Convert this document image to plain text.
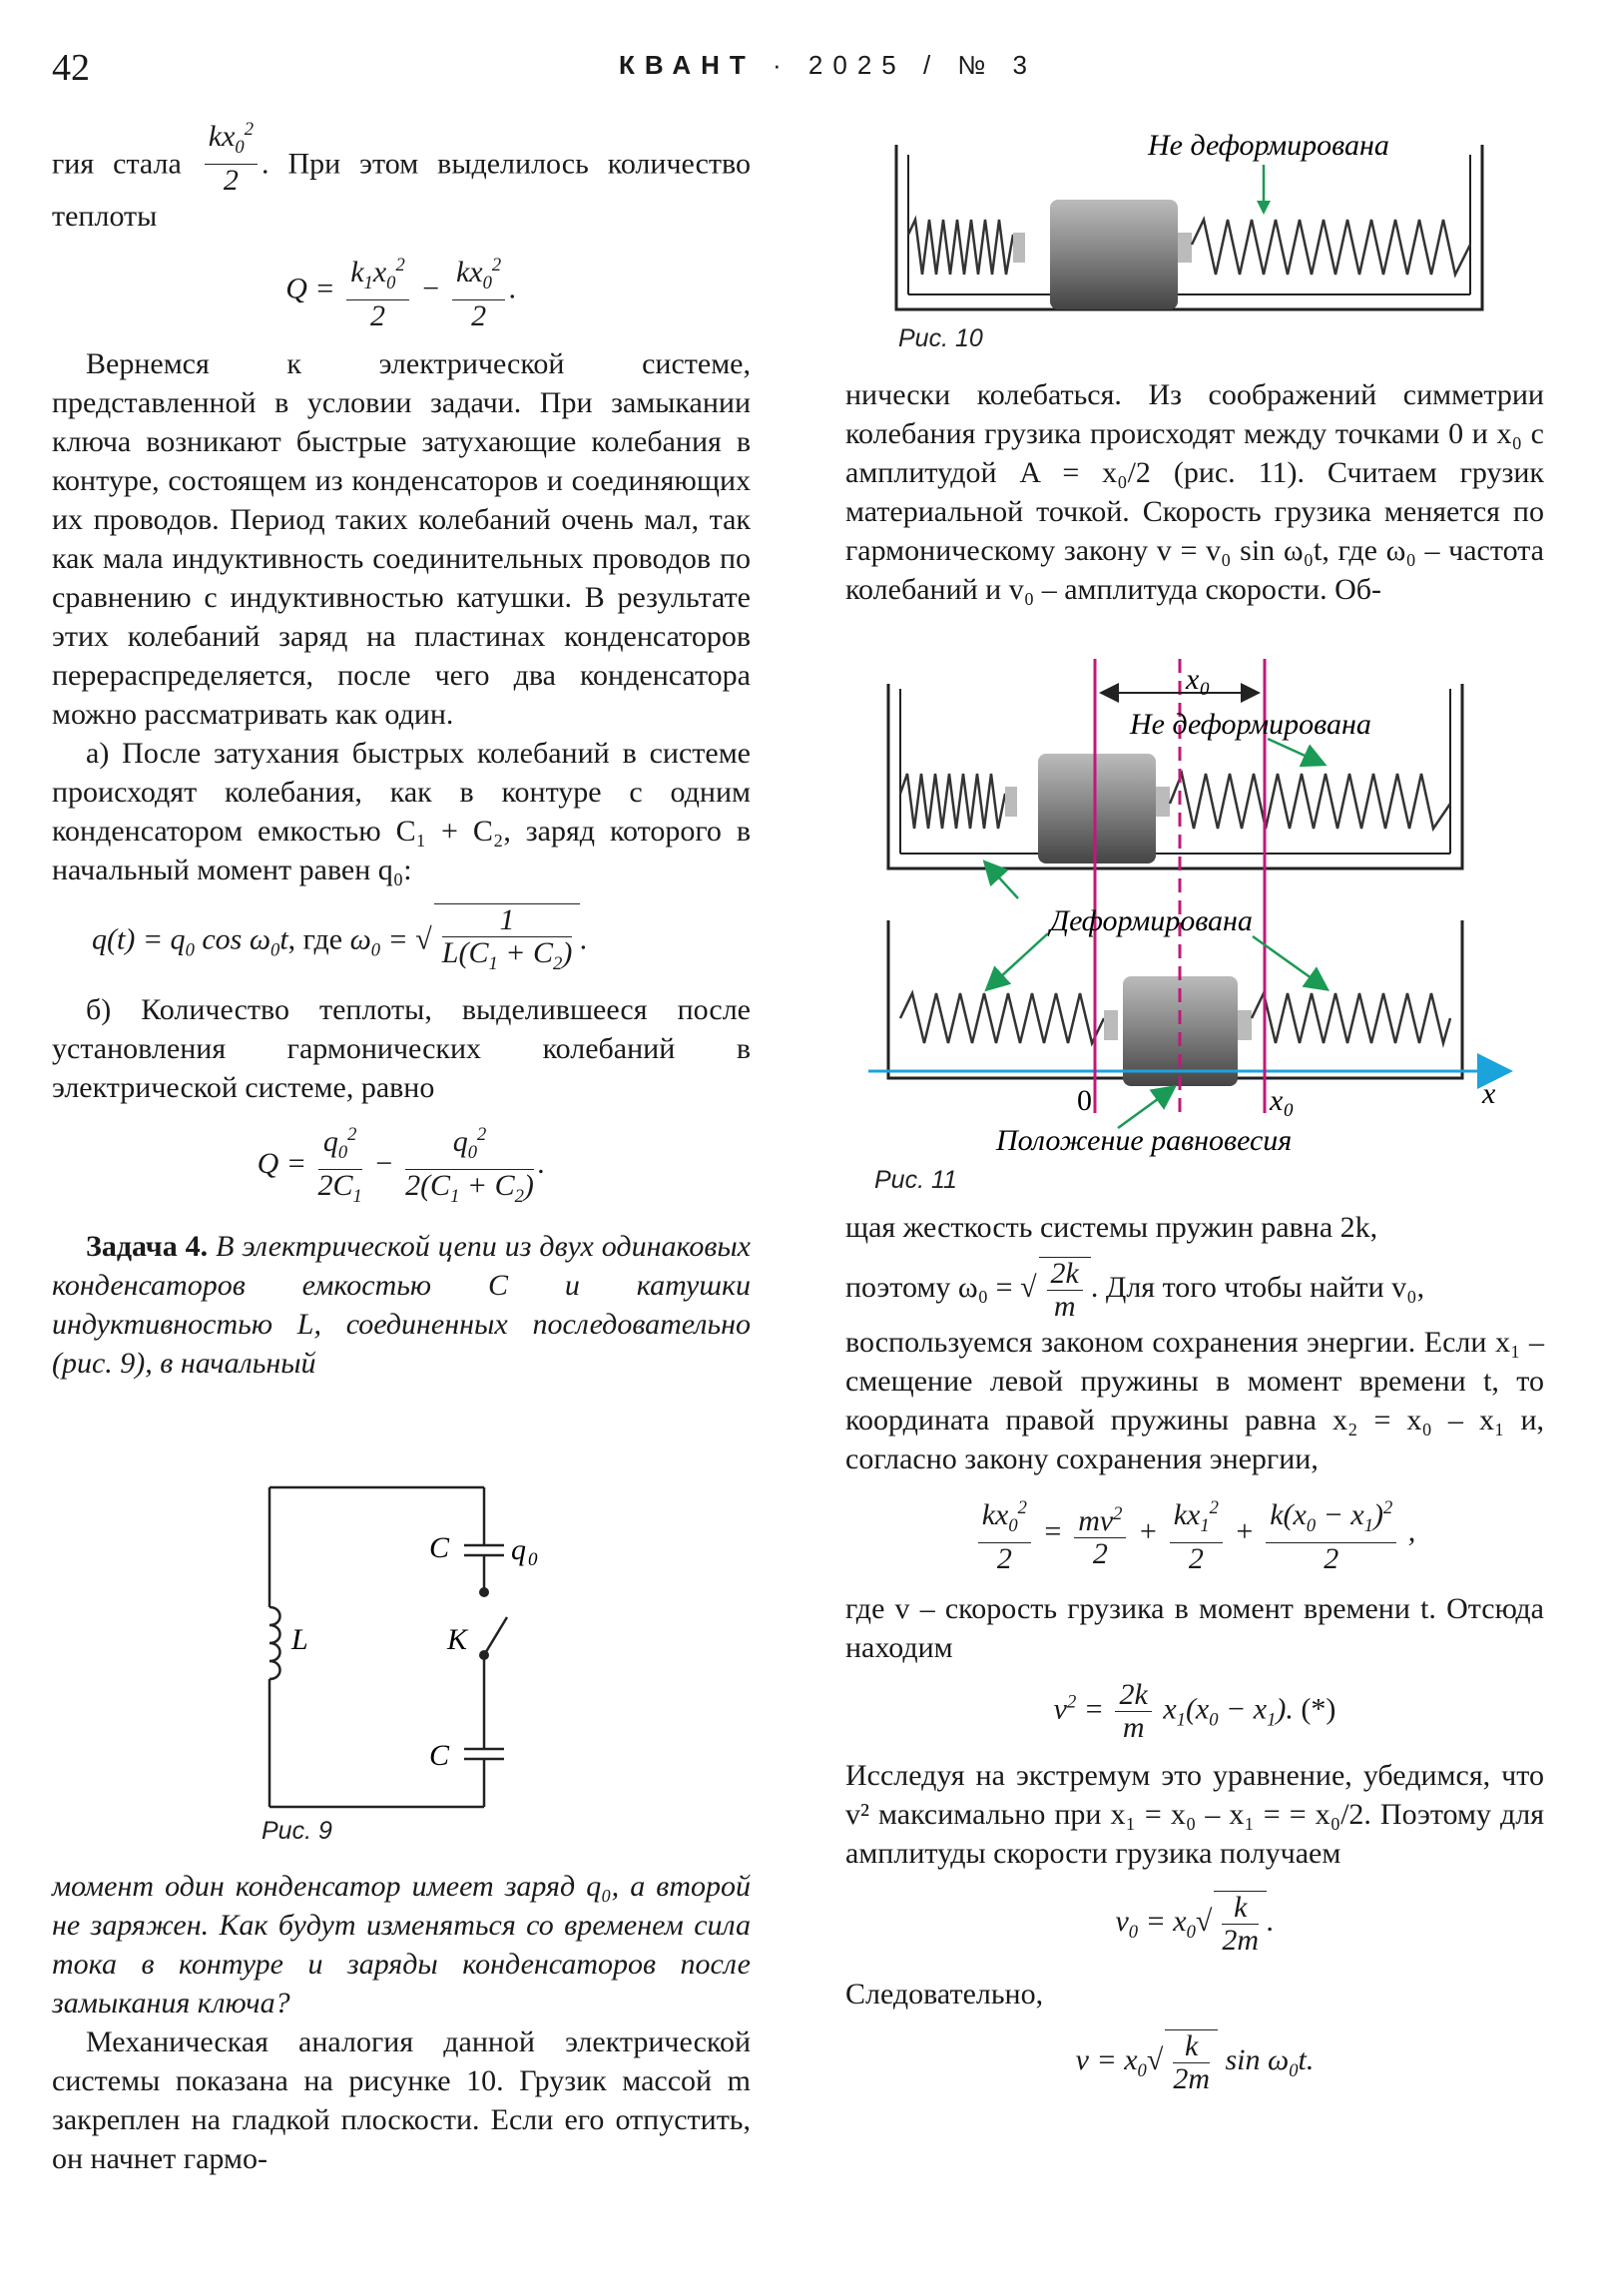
42	КВАНТ · 2025 / № 3

гия стала $\frac{kx_0^2}{2}$ . При этом выделилось количество теплоты

$Q = \frac{k_1x_0^2}{2} - \frac{kx_0^2}{2}$ .

Вернемся к электрической системе, представленной в условии задачи. При замыкании ключа возникают быстрые затухающие колебания в контуре, состоящем из конденсаторов и соединяющих их проводов. Период таких колебаний очень мал, так как мала индуктивность соединительных проводов по сравнению с индуктивностью катушки. В результате этих колебаний заряд на пластинах конденсаторов перераспределяется, после чего два конденсатора можно рассматривать как один.

а) После затухания быстрых колебаний в системе происходят колебания, как в контуре с одним конденсатором емкостью C₁ + C₂, заряд которого в начальный момент равен q₀:

$q(t) = q_0$ $\cos \omega_0t$, где $\omega_0$ = √ $\frac{1}{L(C_1 + C_2)}$ .

б) Количество теплоты, выделившееся после установления гармонических колебаний в электрической системе, равно

$Q = \frac{q_0^2}{2C_1} - \frac{q_0^2}{2(C_1 + C_2)}$ .

Задача 4. В электрической цепи из двух одинаковых конденсаторов емкостью C и катушки индуктивностью L, соединенных последовательно (рис. 9), в начальный

C q 0
L	K
C
Рис. 9

момент один конденсатор имеет заряд q₀, а второй не заряжен. Как будут изменяться со временем сила тока в контуре и заряды конденсаторов после замыкания ключа?

Механическая аналогия данной электрической системы показана на рисунке 10. Грузик массой m закреплен на гладкой плоскости. Если его отпустить, он начнет гармо-

Не деформирована
Рис. 10

нически колебаться. Из соображений симметрии колебания грузика происходят между точками 0 и x₀ с амплитудой A = x₀/2 (рис. 11). Считаем грузик материальной точкой. Скорость грузика меняется по гармоническому закону v = v₀ sin ω₀t, где ω₀ – частота колебаний и v₀ – амплитуда скорости. Об-

x 0
Не деформирована
Деформирована
x
0	x 0
Положение равновесия
Рис. 11

щая жесткость системы пружин равна 2k,

поэтому ω₀ = √ $\frac{2k}{m}$ . Для того чтобы найти v₀,

воспользуемся законом сохранения энергии. Если x₁ – смещение левой пружины в момент времени t, то координата правой пружины равна x₂ = x₀ – x₁ и, согласно закону сохранения энергии,

$\frac{kx_0^2}{2} = \frac{mv^2}{2} + \frac{kx_1^2}{2} + \frac{k(x_0 - x_1)^2}{2}$ ,

где v – скорость грузика в момент времени t. Отсюда находим

$v^2 = \frac{2k}{m} x_1(x_0 - x_1)$. (*)

Исследуя на экстремум это уравнение, убедимся, что v² максимально при x₁ = x₀ – x₁ = = x₀/2. Поэтому для амплитуды скорости грузика получаем

$v_0 = x_0√ \frac{k}{2m}$ .

Следовательно,

$v = x_0√ \frac{k}{2m}$ $\sin \omega_0t$.
